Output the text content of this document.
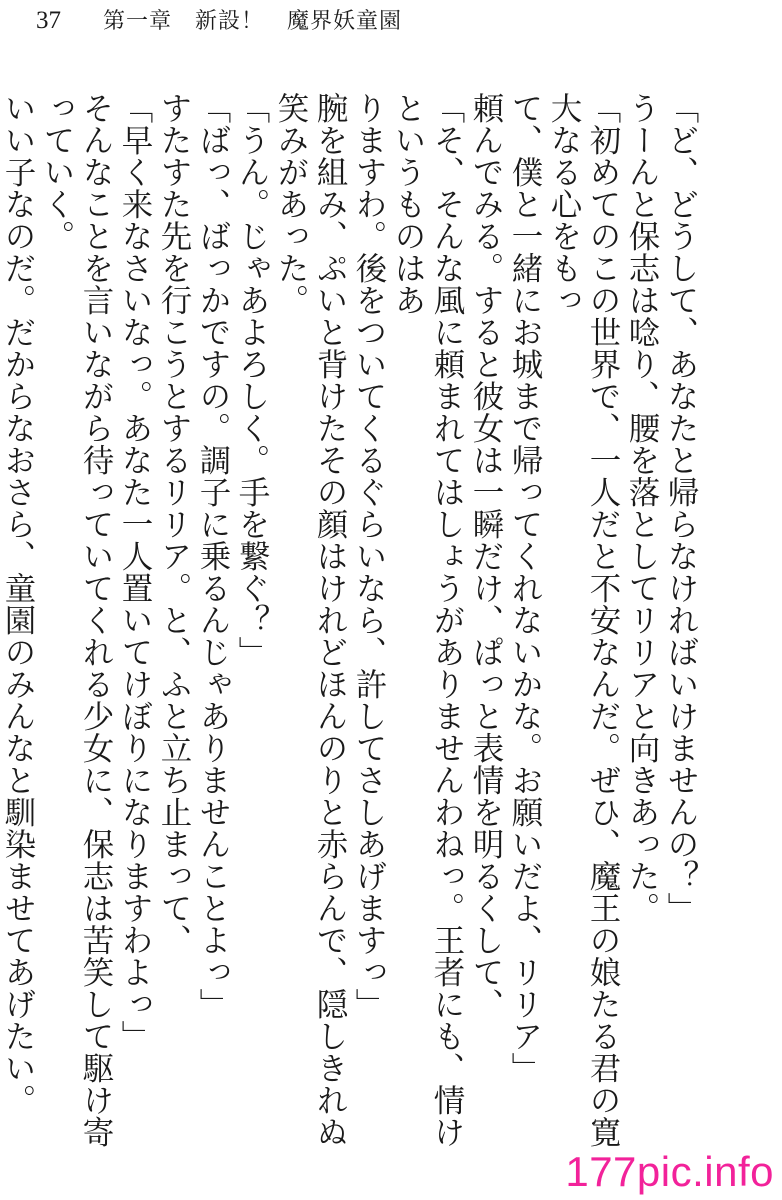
37 第一章　新設！　魔界妖童園

「ど、どうして、あなたと帰らなければいけませんの？」

うーんと保志は唸り、腰を落としてリリアと向きあった。

「初めてのこの世界で、一人だと不安なんだ。ぜひ、魔王の娘たる君の寛大なる心をもっ

て、僕と一緒にお城まで帰ってくれないかな。お願いだよ、リリア」

頼んでみる。すると彼女は一瞬だけ、ぱっと表情を明るくして、

「そ、そんな風に頼まれてはしょうがありませんわねっ。王者にも、情けというものはあ

りますわ。後をついてくるぐらいなら、許してさしあげますっ」

腕を組み、ぷいと背けたその顔はけれどほんのりと赤らんで、隠しきれぬ笑みがあった。

「うん。じゃあよろしく。手を繋ぐ？」

「ばっ、ばっかですの。調子に乗るんじゃありませんことよっ」

すたすた先を行こうとするリリア。と、ふと立ち止まって、

「早く来なさいなっ。あなた一人置いてけぼりになりますわよっ」

そんなことを言いながら待っていてくれる少女に、保志は苦笑して駆け寄っていく。

いい子なのだ。だからなおさら、童園のみんなと馴染ませてあげたい。

177pic.info
